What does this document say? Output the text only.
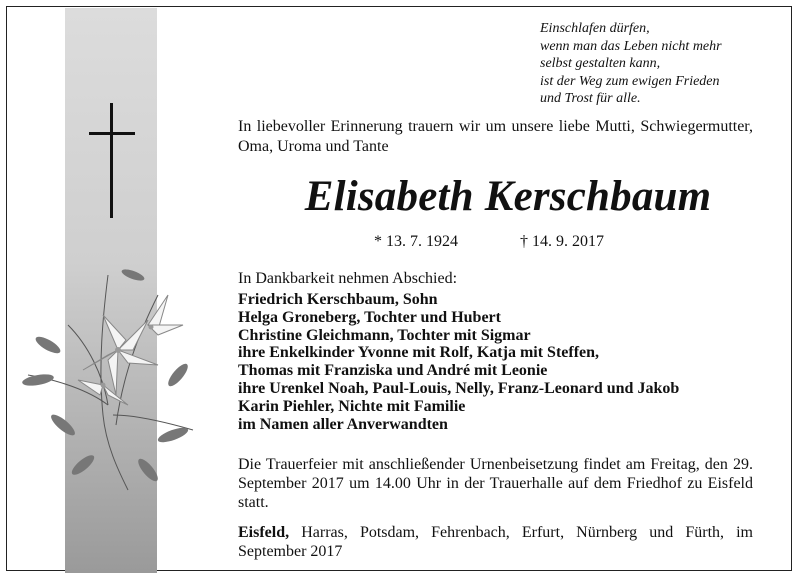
Einschlafen dürfen,
wenn man das Leben nicht mehr
selbst gestalten kann,
ist der Weg zum ewigen Frieden
und Trost für alle.
In liebevoller Erinnerung trauern wir um unsere liebe Mutti, Schwiegermutter, Oma, Uroma und Tante
Elisabeth Kerschbaum
* 13. 7. 1924	† 14. 9. 2017
In Dankbarkeit nehmen Abschied:
Friedrich Kerschbaum, Sohn
Helga Groneberg, Tochter und Hubert
Christine Gleichmann, Tochter mit Sigmar
ihre Enkelkinder Yvonne mit Rolf, Katja mit Steffen,
Thomas mit Franziska und André mit Leonie
ihre Urenkel Noah, Paul-Louis, Nelly, Franz-Leonard und Jakob
Karin Piehler, Nichte mit Familie
im Namen aller Anverwandten
Die Trauerfeier mit anschließender Urnenbeisetzung findet am Freitag, den 29. September 2017 um 14.00 Uhr in der Trauerhalle auf dem Friedhof zu Eisfeld statt.
Eisfeld, Harras, Potsdam, Fehrenbach, Erfurt, Nürnberg und Fürth, im September 2017
